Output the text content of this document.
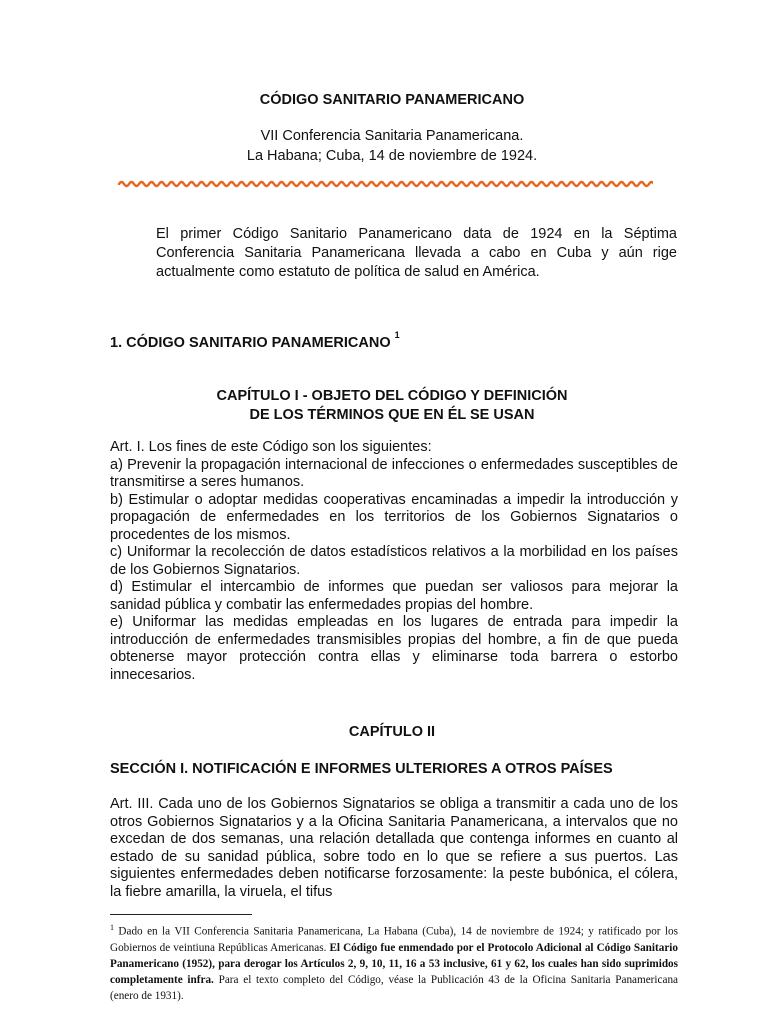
CÓDIGO SANITARIO PANAMERICANO
VII Conferencia Sanitaria Panamericana.
La Habana; Cuba, 14 de noviembre de 1924.
El primer Código Sanitario Panamericano data de 1924 en la Séptima Conferencia Sanitaria Panamericana llevada a cabo en Cuba y aún rige actualmente como estatuto de política de salud en América.
1. CÓDIGO SANITARIO PANAMERICANO $^1$
CAPÍTULO I - OBJETO DEL CÓDIGO Y DEFINICIÓN
DE LOS TÉRMINOS QUE EN ÉL SE USAN

Art. I. Los fines de este Código son los siguientes:

a) Prevenir la propagación internacional de infecciones o enfermedades susceptibles de transmitirse a seres humanos.

b) Estimular o adoptar medidas cooperativas encaminadas a impedir la introducción y propagación de enfermedades en los territorios de los Gobiernos Signatarios o procedentes de los mismos.

c) Uniformar la recolección de datos estadísticos relativos a la morbilidad en los países de los Gobiernos Signatarios.

d) Estimular el intercambio de informes que puedan ser valiosos para mejorar la sanidad pública y combatir las enfermedades propias del hombre.

e) Uniformar las medidas empleadas en los lugares de entrada para impedir la introducción de enfermedades transmisibles propias del hombre, a fin de que pueda obtenerse mayor protección contra ellas y eliminarse toda barrera o estorbo innecesarios.

CAPÍTULO II
SECCIÓN I. NOTIFICACIÓN E INFORMES ULTERIORES A OTROS PAÍSES
Art. III. Cada uno de los Gobiernos Signatarios se obliga a transmitir a cada uno de los otros Gobiernos Signatarios y a la Oficina Sanitaria Panamericana, a intervalos que no excedan de dos semanas, una relación detallada que contenga informes en cuanto al estado de su sanidad pública, sobre todo en lo que se refiere a sus puertos. Las siguientes enfermedades deben notificarse forzosamente: la peste bubónica, el cólera, la fiebre amarilla, la viruela, el tifus
$^1$ Dado en la VII Conferencia Sanitaria Panamericana, La Habana (Cuba), 14 de noviembre de 1924; y ratificado por los Gobiernos de veintiuna Repúblicas Americanas. El Código fue enmendado por el Protocolo Adicional al Código Sanitario Panamericano (1952), para derogar los Artículos 2, 9, 10, 11, 16 a 53 inclusive, 61 y 62, los cuales han sido suprimidos completamente infra. Para el texto completo del Código, véase la Publicación 43 de la Oficina Sanitaria Panamericana (enero de 1931).
